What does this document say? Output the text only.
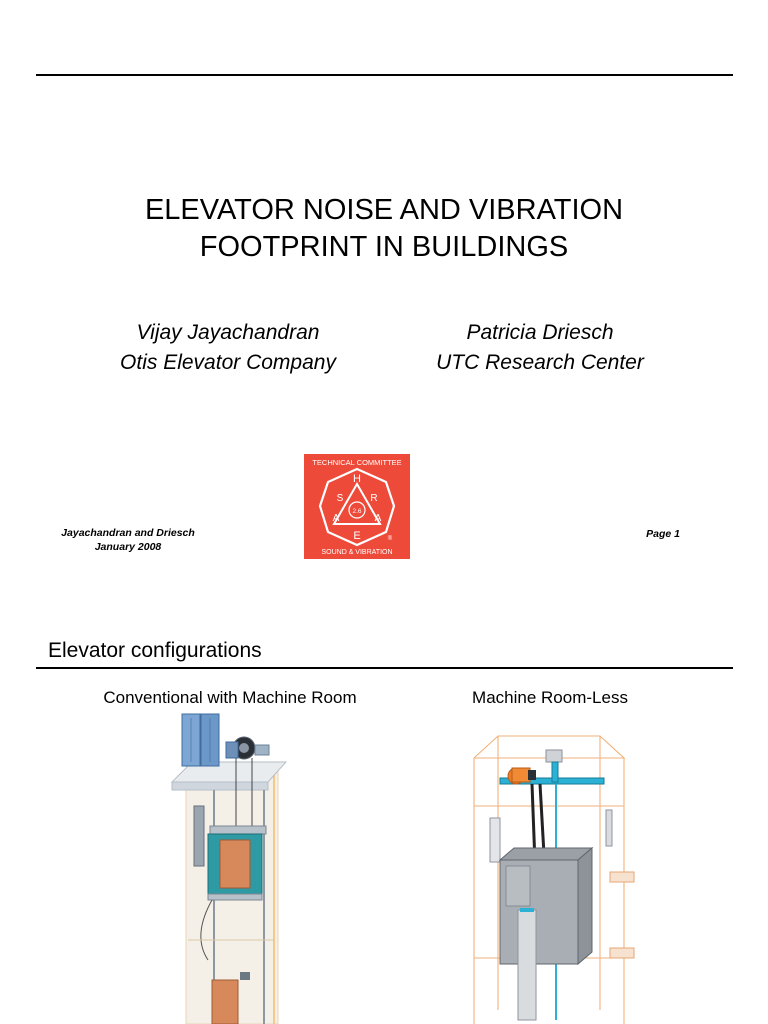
ELEVATOR NOISE AND VIBRATION
FOOTPRINT IN BUILDINGS
Vijay Jayachandran
Otis Elevator Company
Patricia Driesch
UTC Research Center
TECHNICAL COMMITTEE
2.6
H
S	R
A	A
E	®
SOUND & VIBRATION
Jayachandran and Driesch
January 2008
Page 1
Elevator configurations
Conventional with Machine Room	Machine Room-Less
